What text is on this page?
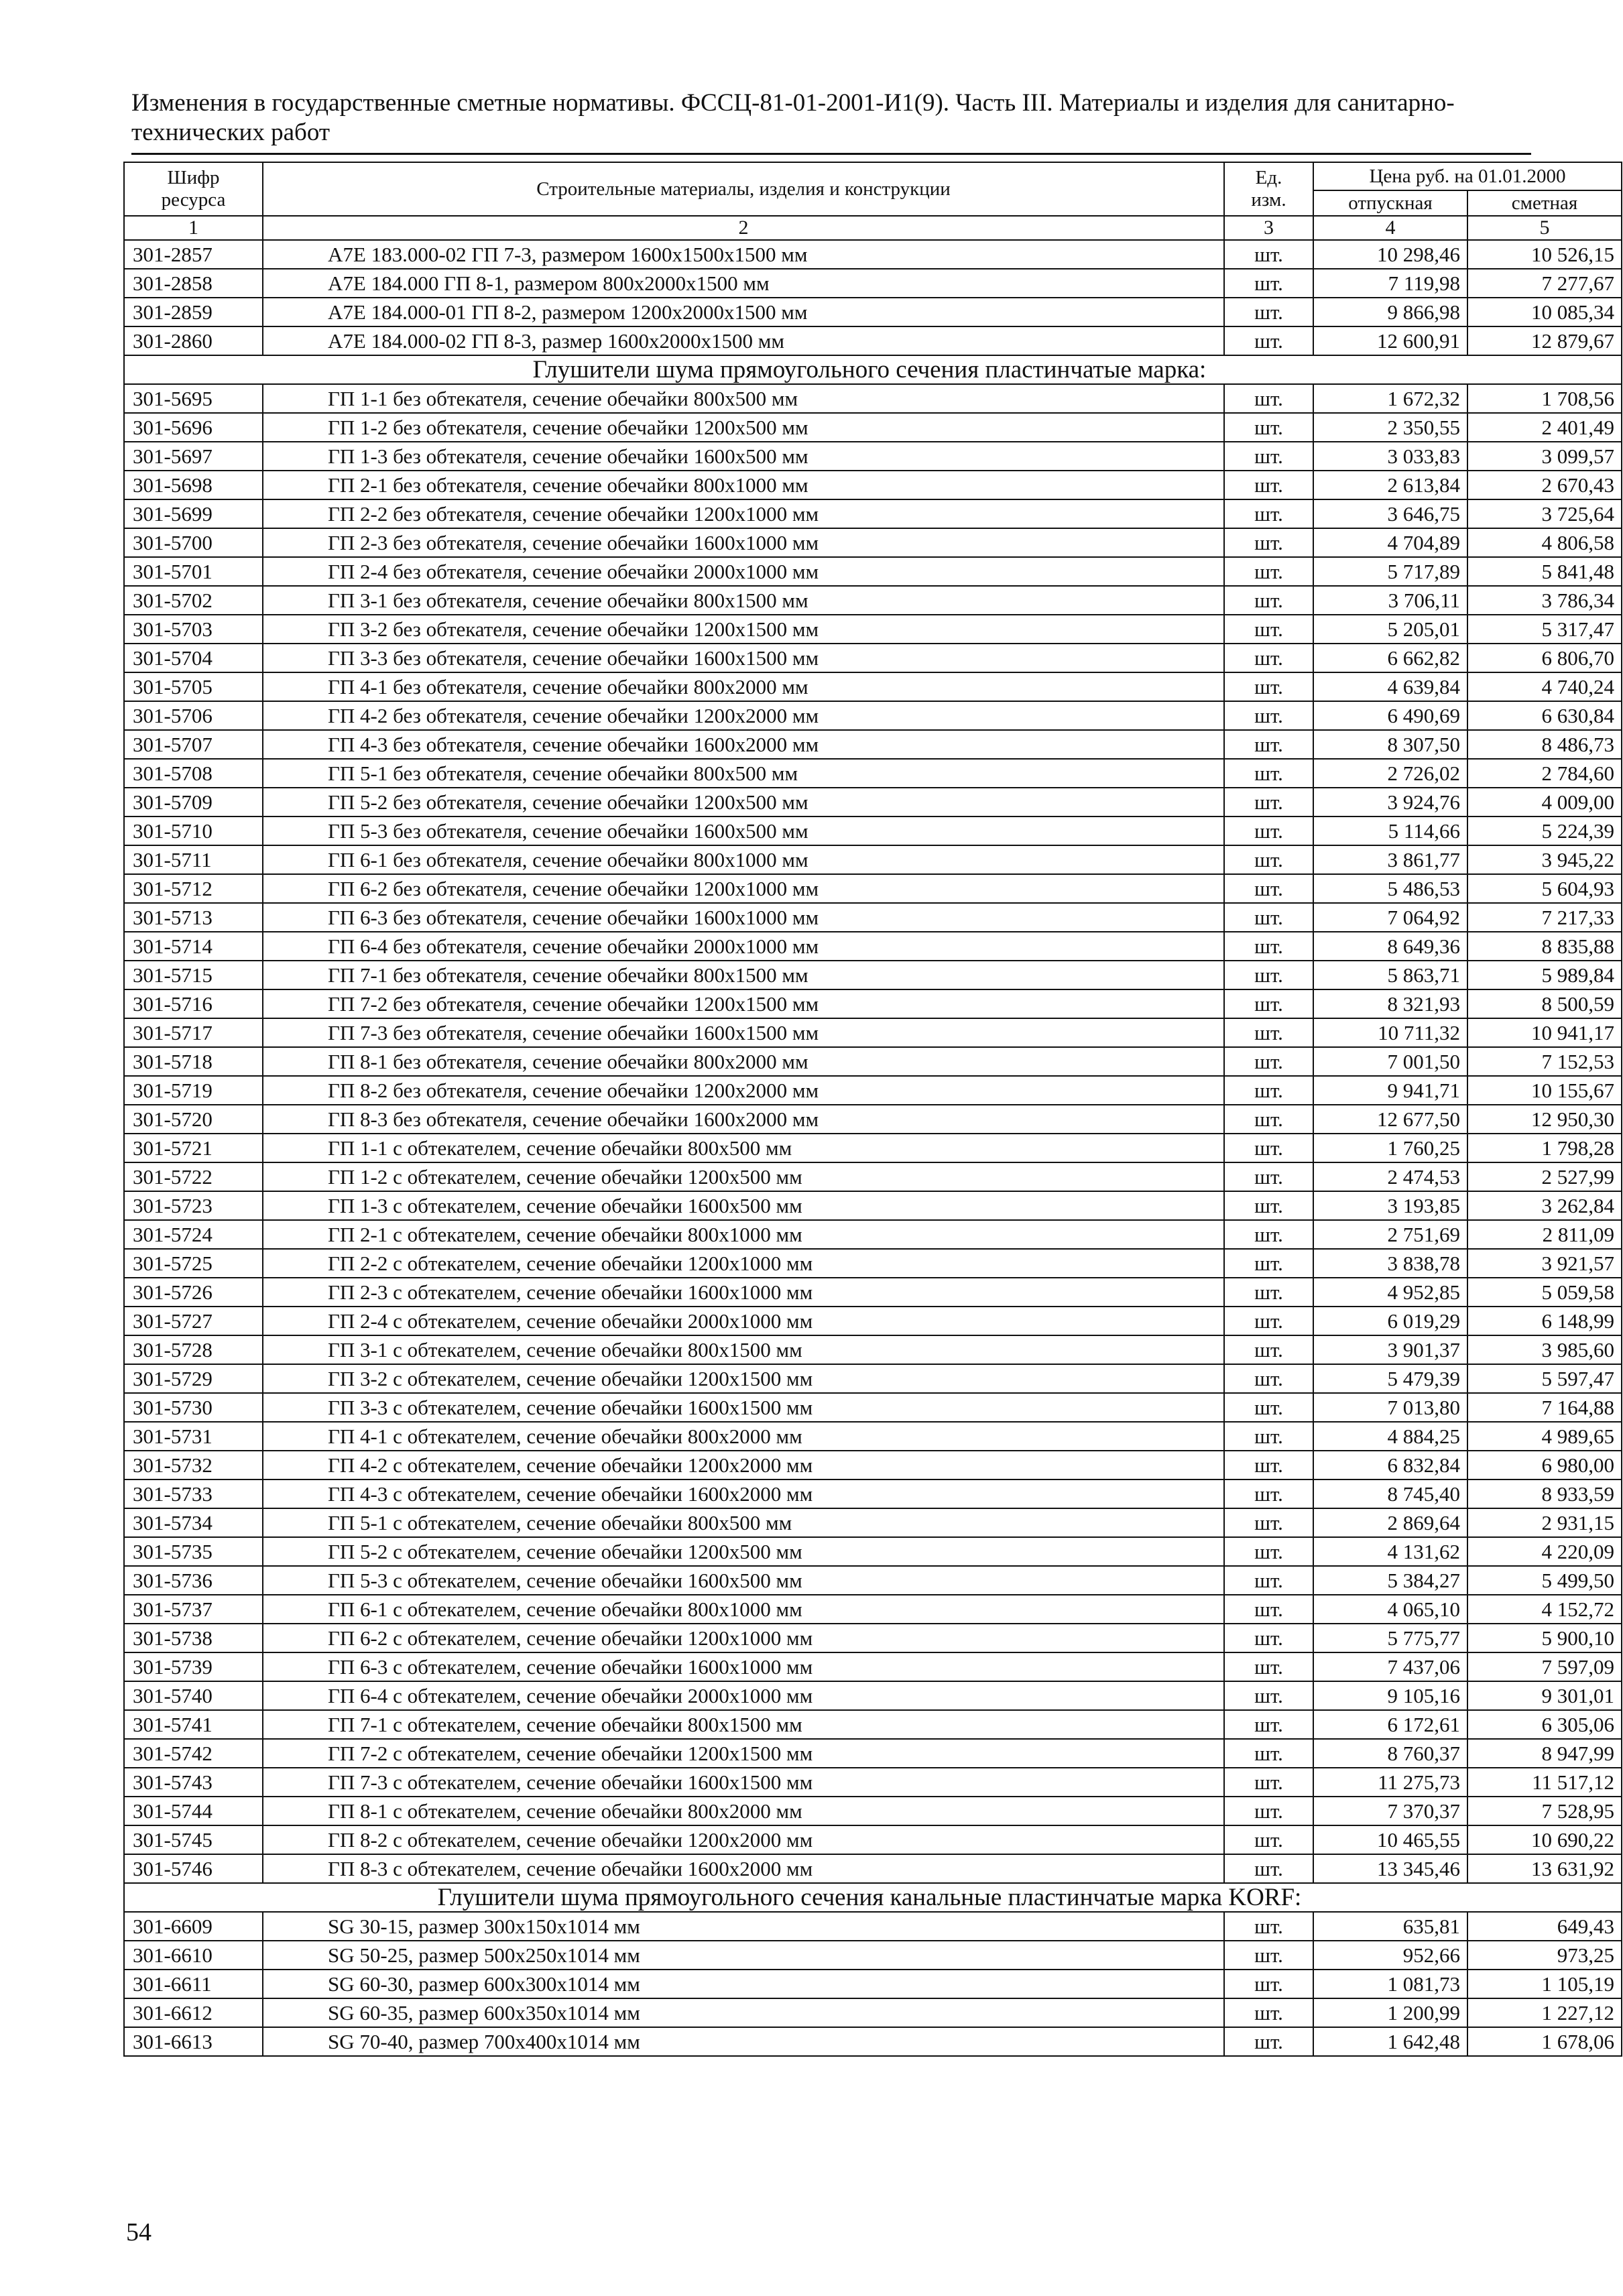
Изменения в государственные сметные нормативы. ФССЦ-81-01-2001-И1(9). Часть III. Материалы и изделия для санитарно-технических работ
Шифр ресурса	Строительные материалы, изделия и конструкции	Ед. изм.	Цена руб. на 01.01.2000	
			отпускная	сметная
1	2	3	4	5
301-2857	А7Е 183.000-02 ГП 7-3, размером 1600х1500х1500 мм	шт.	10 298,46	10 526,15
301-2858	А7Е 184.000 ГП 8-1, размером 800х2000х1500 мм	шт.	7 119,98	7 277,67
301-2859	А7Е 184.000-01 ГП 8-2, размером 1200х2000х1500 мм	шт.	9 866,98	10 085,34
301-2860	А7Е 184.000-02 ГП 8-3, размер 1600х2000х1500 мм	шт.	12 600,91	12 879,67
Глушители шума прямоугольного сечения пластинчатые марка:				
301-5695	ГП 1-1 без обтекателя, сечение обечайки 800х500 мм	шт.	1 672,32	1 708,56
301-5696	ГП 1-2 без обтекателя, сечение обечайки 1200х500 мм	шт.	2 350,55	2 401,49
301-5697	ГП 1-3 без обтекателя, сечение обечайки 1600х500 мм	шт.	3 033,83	3 099,57
301-5698	ГП 2-1 без обтекателя, сечение обечайки 800х1000 мм	шт.	2 613,84	2 670,43
301-5699	ГП 2-2 без обтекателя, сечение обечайки 1200х1000 мм	шт.	3 646,75	3 725,64
301-5700	ГП 2-3 без обтекателя, сечение обечайки 1600х1000 мм	шт.	4 704,89	4 806,58
301-5701	ГП 2-4 без обтекателя, сечение обечайки 2000х1000 мм	шт.	5 717,89	5 841,48
301-5702	ГП 3-1 без обтекателя, сечение обечайки 800х1500 мм	шт.	3 706,11	3 786,34
301-5703	ГП 3-2 без обтекателя, сечение обечайки 1200х1500 мм	шт.	5 205,01	5 317,47
301-5704	ГП 3-3 без обтекателя, сечение обечайки 1600х1500 мм	шт.	6 662,82	6 806,70
301-5705	ГП 4-1 без обтекателя, сечение обечайки 800х2000 мм	шт.	4 639,84	4 740,24
301-5706	ГП 4-2 без обтекателя, сечение обечайки 1200х2000 мм	шт.	6 490,69	6 630,84
301-5707	ГП 4-3 без обтекателя, сечение обечайки 1600х2000 мм	шт.	8 307,50	8 486,73
301-5708	ГП 5-1 без обтекателя, сечение обечайки 800х500 мм	шт.	2 726,02	2 784,60
301-5709	ГП 5-2 без обтекателя, сечение обечайки 1200х500 мм	шт.	3 924,76	4 009,00
301-5710	ГП 5-3 без обтекателя, сечение обечайки 1600х500 мм	шт.	5 114,66	5 224,39
301-5711	ГП 6-1 без обтекателя, сечение обечайки 800х1000 мм	шт.	3 861,77	3 945,22
301-5712	ГП 6-2 без обтекателя, сечение обечайки 1200х1000 мм	шт.	5 486,53	5 604,93
301-5713	ГП 6-3 без обтекателя, сечение обечайки 1600х1000 мм	шт.	7 064,92	7 217,33
301-5714	ГП 6-4 без обтекателя, сечение обечайки 2000х1000 мм	шт.	8 649,36	8 835,88
301-5715	ГП 7-1 без обтекателя, сечение обечайки 800х1500 мм	шт.	5 863,71	5 989,84
301-5716	ГП 7-2 без обтекателя, сечение обечайки 1200х1500 мм	шт.	8 321,93	8 500,59
301-5717	ГП 7-3 без обтекателя, сечение обечайки 1600х1500 мм	шт.	10 711,32	10 941,17
301-5718	ГП 8-1 без обтекателя, сечение обечайки 800х2000 мм	шт.	7 001,50	7 152,53
301-5719	ГП 8-2 без обтекателя, сечение обечайки 1200х2000 мм	шт.	9 941,71	10 155,67
301-5720	ГП 8-3 без обтекателя, сечение обечайки 1600х2000 мм	шт.	12 677,50	12 950,30
301-5721	ГП 1-1 с обтекателем, сечение обечайки 800х500 мм	шт.	1 760,25	1 798,28
301-5722	ГП 1-2 с обтекателем, сечение обечайки 1200х500 мм	шт.	2 474,53	2 527,99
301-5723	ГП 1-3 с обтекателем, сечение обечайки 1600х500 мм	шт.	3 193,85	3 262,84
301-5724	ГП 2-1 с обтекателем, сечение обечайки 800х1000 мм	шт.	2 751,69	2 811,09
301-5725	ГП 2-2 с обтекателем, сечение обечайки 1200х1000 мм	шт.	3 838,78	3 921,57
301-5726	ГП 2-3 с обтекателем, сечение обечайки 1600х1000 мм	шт.	4 952,85	5 059,58
301-5727	ГП 2-4 с обтекателем, сечение обечайки 2000х1000 мм	шт.	6 019,29	6 148,99
301-5728	ГП 3-1 с обтекателем, сечение обечайки 800х1500 мм	шт.	3 901,37	3 985,60
301-5729	ГП 3-2 с обтекателем, сечение обечайки 1200х1500 мм	шт.	5 479,39	5 597,47
301-5730	ГП 3-3 с обтекателем, сечение обечайки 1600х1500 мм	шт.	7 013,80	7 164,88
301-5731	ГП 4-1 с обтекателем, сечение обечайки 800х2000 мм	шт.	4 884,25	4 989,65
301-5732	ГП 4-2 с обтекателем, сечение обечайки 1200х2000 мм	шт.	6 832,84	6 980,00
301-5733	ГП 4-3 с обтекателем, сечение обечайки 1600х2000 мм	шт.	8 745,40	8 933,59
301-5734	ГП 5-1 с обтекателем, сечение обечайки 800х500 мм	шт.	2 869,64	2 931,15
301-5735	ГП 5-2 с обтекателем, сечение обечайки 1200х500 мм	шт.	4 131,62	4 220,09
301-5736	ГП 5-3 с обтекателем, сечение обечайки 1600х500 мм	шт.	5 384,27	5 499,50
301-5737	ГП 6-1 с обтекателем, сечение обечайки 800х1000 мм	шт.	4 065,10	4 152,72
301-5738	ГП 6-2 с обтекателем, сечение обечайки 1200х1000 мм	шт.	5 775,77	5 900,10
301-5739	ГП 6-3 с обтекателем, сечение обечайки 1600х1000 мм	шт.	7 437,06	7 597,09
301-5740	ГП 6-4 с обтекателем, сечение обечайки 2000х1000 мм	шт.	9 105,16	9 301,01
301-5741	ГП 7-1 с обтекателем, сечение обечайки 800х1500 мм	шт.	6 172,61	6 305,06
301-5742	ГП 7-2 с обтекателем, сечение обечайки 1200х1500 мм	шт.	8 760,37	8 947,99
301-5743	ГП 7-3 с обтекателем, сечение обечайки 1600х1500 мм	шт.	11 275,73	11 517,12
301-5744	ГП 8-1 с обтекателем, сечение обечайки 800х2000 мм	шт.	7 370,37	7 528,95
301-5745	ГП 8-2 с обтекателем, сечение обечайки 1200х2000 мм	шт.	10 465,55	10 690,22
301-5746	ГП 8-3 с обтекателем, сечение обечайки 1600х2000 мм	шт.	13 345,46	13 631,92
Глушители шума прямоугольного сечения канальные пластинчатые марка KORF:				
301-6609	SG 30-15, размер 300х150х1014 мм	шт.	635,81	649,43
301-6610	SG 50-25, размер 500х250х1014 мм	шт.	952,66	973,25
301-6611	SG 60-30, размер 600х300х1014 мм	шт.	1 081,73	1 105,19
301-6612	SG 60-35, размер 600х350х1014 мм	шт.	1 200,99	1 227,12
301-6613	SG 70-40, размер 700х400х1014 мм	шт.	1 642,48	1 678,06
54
